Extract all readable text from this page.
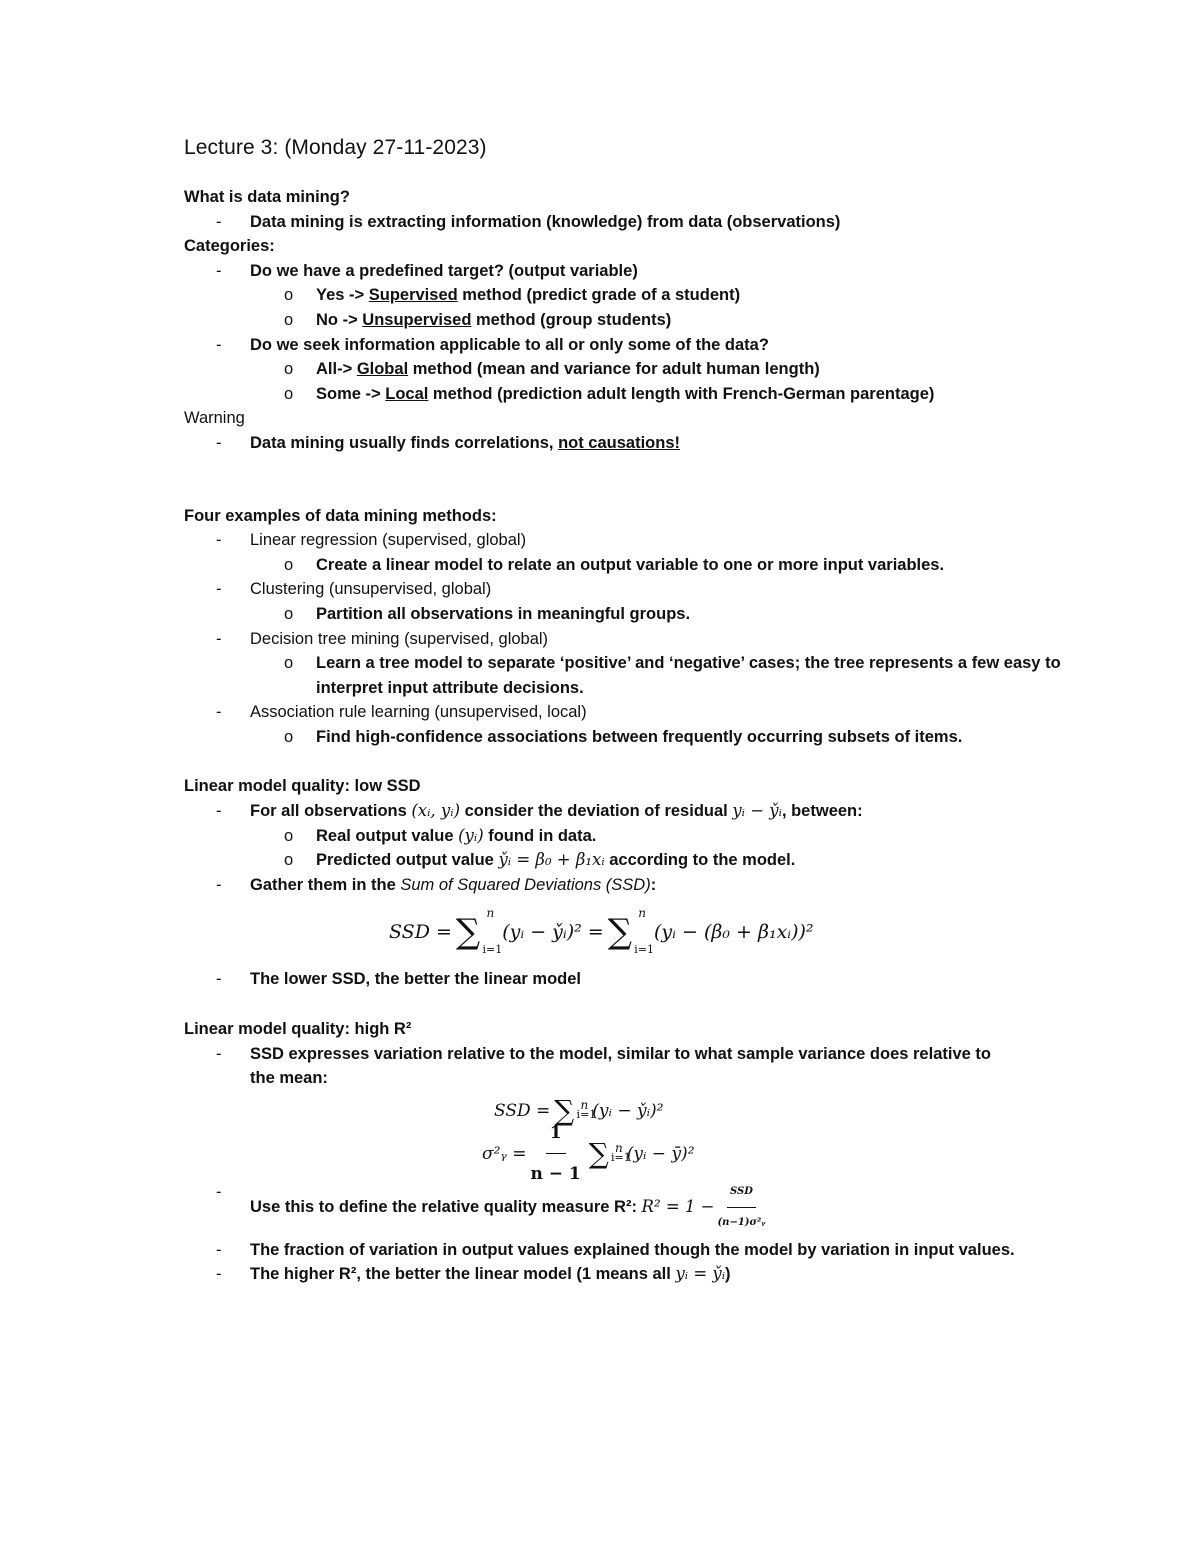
Lecture 3: (Monday 27-11-2023)
What is data mining?
- Data mining is extracting information (knowledge) from data (observations)
Categories:
- Do we have a predefined target? (output variable)
o Yes -> Supervised method (predict grade of a student)
o No -> Unsupervised method (group students)
- Do we seek information applicable to all or only some of the data?
o All-> Global method (mean and variance for adult human length)
o Some -> Local method (prediction adult length with French-German parentage)
Warning
- Data mining usually finds correlations, not causations!
Four examples of data mining methods:
- Linear regression (supervised, global)
o Create a linear model to relate an output variable to one or more input variables.
- Clustering (unsupervised, global)
o Partition all observations in meaningful groups.
- Decision tree mining (supervised, global)
o Learn a tree model to separate ‘positive’ and ‘negative’ cases; the tree represents a few easy to interpret input attribute decisions.
- Association rule learning (unsupervised, local)
o Find high-confidence associations between frequently occurring subsets of items.
Linear model quality: low SSD
- For all observations (xᵢ, yᵢ) consider the deviation of residual yᵢ − y̌ᵢ, between:
o Real output value (yᵢ) found in data.
o Predicted output value y̌ᵢ = β₀ + β₁xᵢ according to the model.
- Gather them in the Sum of Squared Deviations (SSD):
SSD = ∑ n
i=1
(yᵢ − y̌ᵢ)² = ∑ n
i=1
(yᵢ − (β₀ + β₁xᵢ))²
- The lower SSD, the better the linear model
Linear model quality: high R²
- SSD expresses variation relative to the model, similar to what sample variance does relative to the mean:
SSD = ∑ n
i=1
(yᵢ − y̌ᵢ)²
σ²ᵧ = $\frac{1}{n - 1}$ ∑ n
i=1
(yᵢ − ȳ)²
-
Use this to define the relative quality measure R²: $R^2 = 1 - \frac{\text{SSD}}{\text{(n−1)σ²ᵧ}}$
- The fraction of variation in output values explained though the model by variation in input values.
- The higher R², the better the linear model (1 means all yᵢ = y̌ᵢ)
